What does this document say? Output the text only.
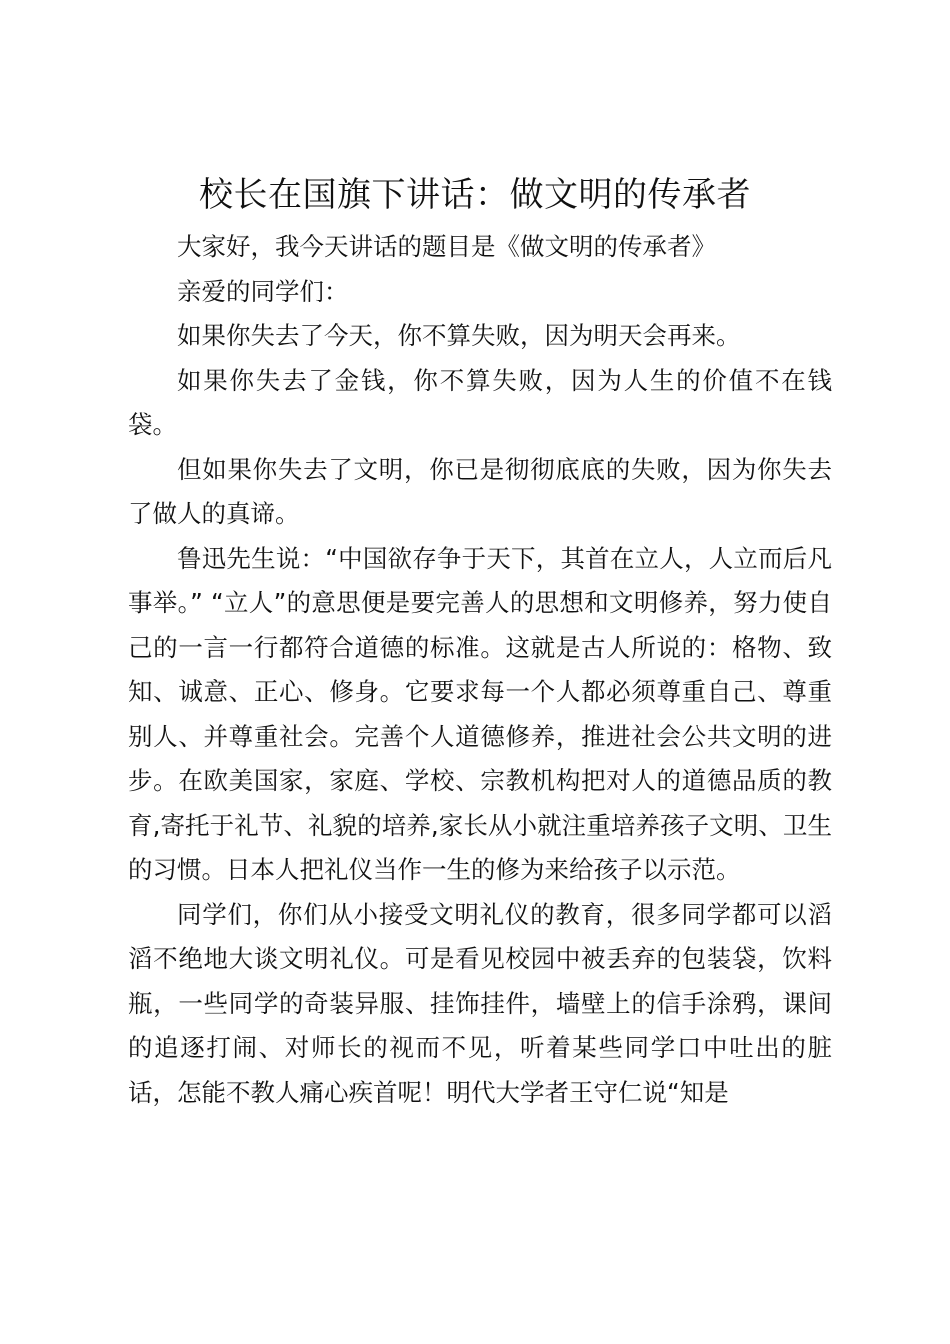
校长在国旗下讲话：做文明的传承者

大家好，我今天讲话的题目是《做文明的传承者》

亲爱的同学们：

如果你失去了今天，你不算失败，因为明天会再来。

如果你失去了金钱，你不算失败，因为人生的价值不在钱袋。

但如果你失去了文明，你已是彻彻底底的失败，因为你失去了做人的真谛。

鲁迅先生说：“中国欲存争于天下，其首在立人，人立而后凡事举。” “立人”的意思便是要完善人的思想和文明修养，努力使自己的一言一行都符合道德的标准。这就是古人所说的：格物、致知、诚意、正心、修身。它要求每一个人都必须尊重自己、尊重别人、并尊重社会。完善个人道德修养，推进社会公共文明的进步。在欧美国家，家庭、学校、宗教机构把对人的道德品质的教育,寄托于礼节、礼貌的培养,家长从小就注重培养孩子文明、卫生的习惯。日本人把礼仪当作一生的修为来给孩子以示范。

同学们，你们从小接受文明礼仪的教育，很多同学都可以滔滔不绝地大谈文明礼仪。可是看见校园中被丢弃的包装袋，饮料瓶，一些同学的奇装异服、挂饰挂件，墙壁上的信手涂鸦，课间的追逐打闹、对师长的视而不见，听着某些同学口中吐出的脏话，怎能不教人痛心疾首呢！明代大学者王守仁说“知是
